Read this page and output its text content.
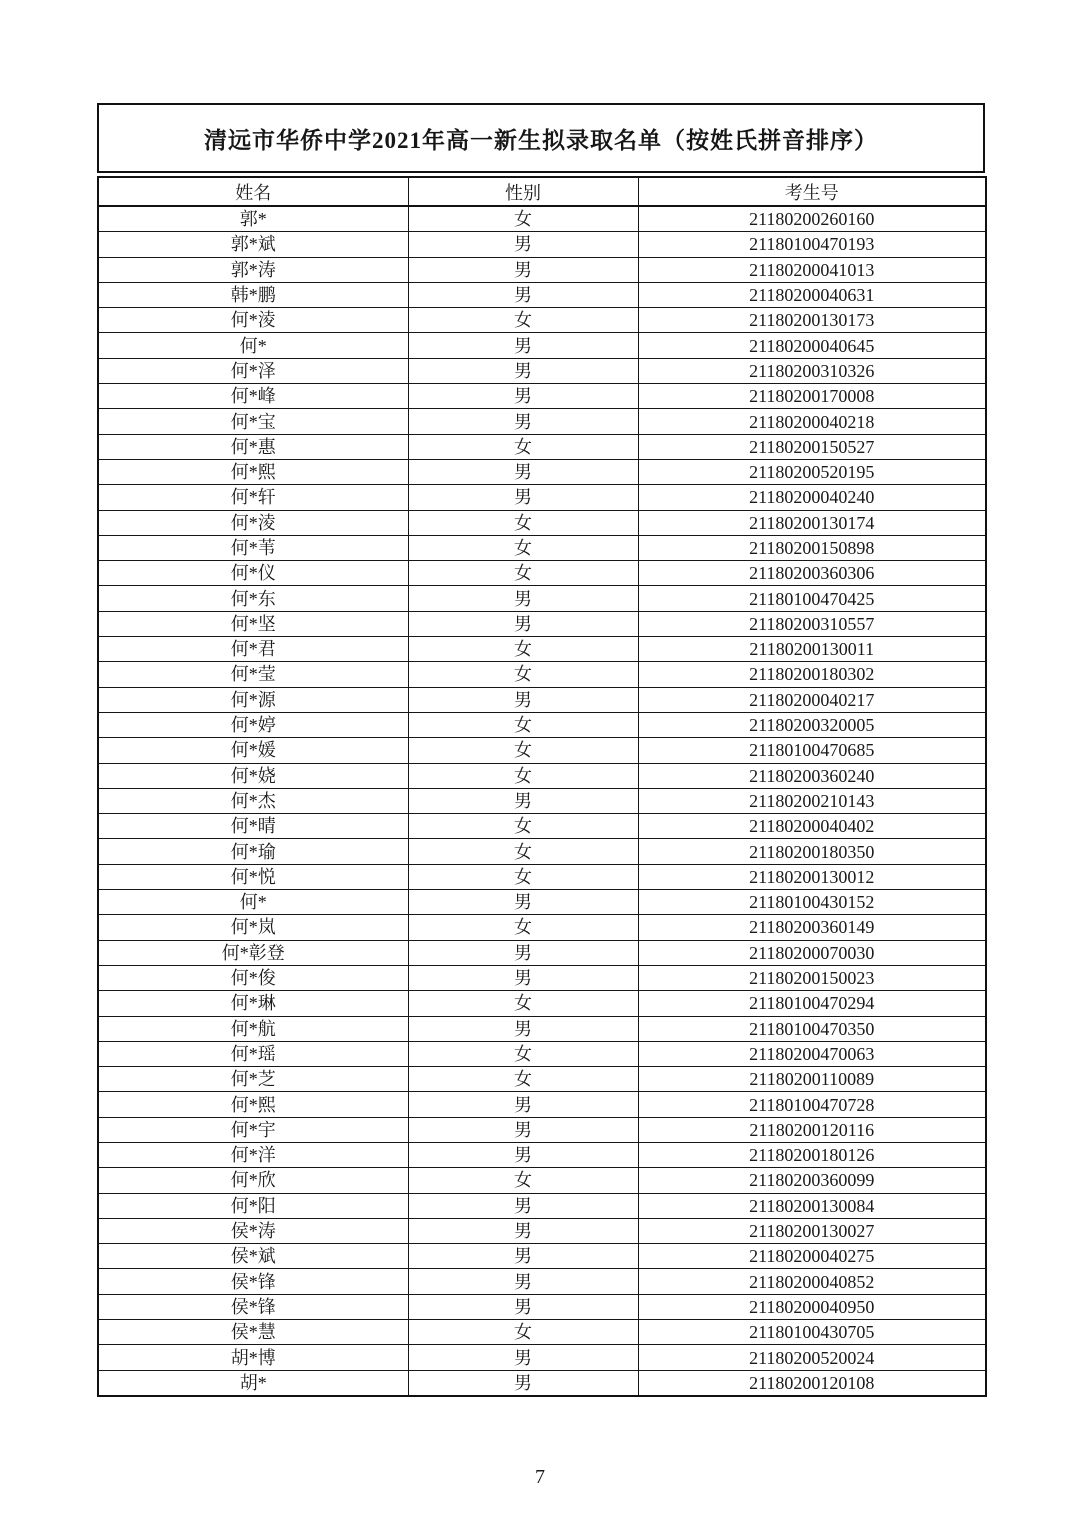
清远市华侨中学2021年高一新生拟录取名单（按姓氏拼音排序）
姓名	性别	考生号
郭*	女	21180200260160
郭*斌	男	21180100470193
郭*涛	男	21180200041013
韩*鹏	男	21180200040631
何*淩	女	21180200130173
何*	男	21180200040645
何*泽	男	21180200310326
何*峰	男	21180200170008
何*宝	男	21180200040218
何*惠	女	21180200150527
何*熙	男	21180200520195
何*轩	男	21180200040240
何*淩	女	21180200130174
何*苇	女	21180200150898
何*仪	女	21180200360306
何*东	男	21180100470425
何*坚	男	21180200310557
何*君	女	21180200130011
何*莹	女	21180200180302
何*源	男	21180200040217
何*婷	女	21180200320005
何*媛	女	21180100470685
何*娆	女	21180200360240
何*杰	男	21180200210143
何*晴	女	21180200040402
何*瑜	女	21180200180350
何*悦	女	21180200130012
何*	男	21180100430152
何*岚	女	21180200360149
何*彰登	男	21180200070030
何*俊	男	21180200150023
何*琳	女	21180100470294
何*航	男	21180100470350
何*瑶	女	21180200470063
何*芝	女	21180200110089
何*熙	男	21180100470728
何*宇	男	21180200120116
何*洋	男	21180200180126
何*欣	女	21180200360099
何*阳	男	21180200130084
侯*涛	男	21180200130027
侯*斌	男	21180200040275
侯*锋	男	21180200040852
侯*锋	男	21180200040950
侯*慧	女	21180100430705
胡*博	男	21180200520024
胡*	男	21180200120108
7
